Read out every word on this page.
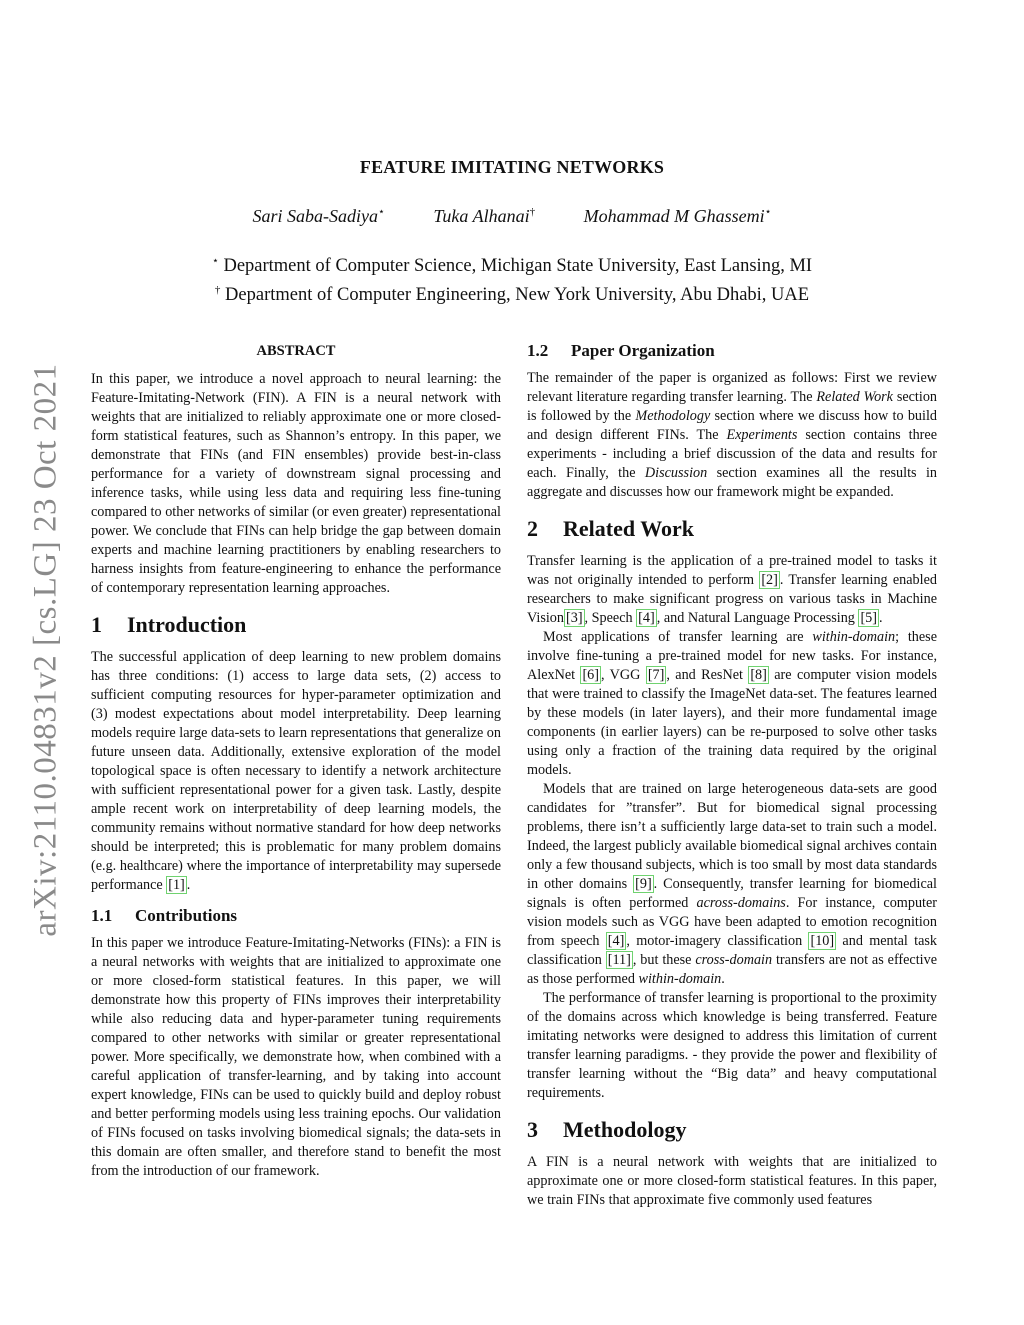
arXiv:2110.04831v2 [cs.LG] 23 Oct 2021
FEATURE IMITATING NETWORKS
Sari Saba-Sadiya⋆	Tuka Alhanai†	Mohammad M Ghassemi⋆
⋆ Department of Computer Science, Michigan State University, East Lansing, MI
† Department of Computer Engineering, New York University, Abu Dhabi, UAE
ABSTRACT

In this paper, we introduce a novel approach to neural learning: the Feature-Imitating-Network (FIN). A FIN is a neural network with weights that are initialized to reliably approximate one or more closed-form statistical features, such as Shannon’s entropy. In this paper, we demonstrate that FINs (and FIN ensembles) provide best-in-class performance for a variety of downstream signal processing and inference tasks, while using less data and requiring less fine-tuning compared to other networks of similar (or even greater) representational power. We conclude that FINs can help bridge the gap between domain experts and machine learning practitioners by enabling researchers to harness insights from feature-engineering to enhance the performance of contemporary representation learning approaches.

1 Introduction

The successful application of deep learning to new problem domains has three conditions: (1) access to large data sets, (2) access to sufficient computing resources for hyper-parameter optimization and (3) modest expectations about model interpretability. Deep learning models require large data-sets to learn representations that generalize on future unseen data. Additionally, extensive exploration of the model topological space is often necessary to identify a network architecture with sufficient representational power for a given task. Lastly, despite ample recent work on interpretability of deep learning models, the community remains without normative standard for how deep networks should be interpreted; this is problematic for many problem domains (e.g. healthcare) where the importance of interpretability may supersede performance [1] .

1.1 Contributions

In this paper we introduce Feature-Imitating-Networks (FINs): a FIN is a neural networks with weights that are initialized to approximate one or more closed-form statistical features. In this paper, we will demonstrate how this property of FINs improves their interpretability while also reducing data and hyper-parameter tuning requirements compared to other networks with similar or greater representational power. More specifically, we demonstrate how, when combined with a careful application of transfer-learning, and by taking into account expert knowledge, FINs can be used to quickly build and deploy robust and better performing models using less training epochs. Our validation of FINs focused on tasks involving biomedical signals; the data-sets in this domain are often smaller, and therefore stand to benefit the most from the introduction of our framework.

1.2 Paper Organization

The remainder of the paper is organized as follows: First we review relevant literature regarding transfer learning. The Related Work section is followed by the Methodology section where we discuss how to build and design different FINs. The Experiments section contains three experiments - including a brief discussion of the data and results for each. Finally, the Discussion section examines all the results in aggregate and discusses how our framework might be expanded.

2 Related Work

Transfer learning is the application of a pre-trained model to tasks it was not originally intended to perform [2] . Transfer learning enabled researchers to make significant progress on various tasks in Machine Vision [3] , Speech [4] , and Natural Language Processing [5] .

Most applications of transfer learning are within-domain; these involve fine-tuning a pre-trained model for new tasks. For instance, AlexNet [6] , VGG [7] , and ResNet [8] are computer vision models that were trained to classify the ImageNet data-set. The features learned by these models (in later layers), and their more fundamental image components (in earlier layers) can be re-purposed to solve other tasks using only a fraction of the training data required by the original models.

Models that are trained on large heterogeneous data-sets are good candidates for ”transfer”. But for biomedical signal processing problems, there isn’t a sufficiently large data-set to train such a model. Indeed, the largest publicly available biomedical signal archives contain only a few thousand subjects, which is too small by most data standards in other domains [9] . Consequently, transfer learning for biomedical signals is often performed across-domains. For instance, computer vision models such as VGG have been adapted to emotion recognition from speech [4] , motor-imagery classification [10] and mental task classification [11] , but these cross-domain transfers are not as effective as those performed within-domain.

The performance of transfer learning is proportional to the proximity of the domains across which knowledge is being transferred. Feature imitating networks were designed to address this limitation of current transfer learning paradigms. - they provide the power and flexibility of transfer learning without the “Big data” and heavy computational requirements.

3 Methodology

A FIN is a neural network with weights that are initialized to approximate one or more closed-form statistical features. In this paper, we train FINs that approximate five commonly used features
